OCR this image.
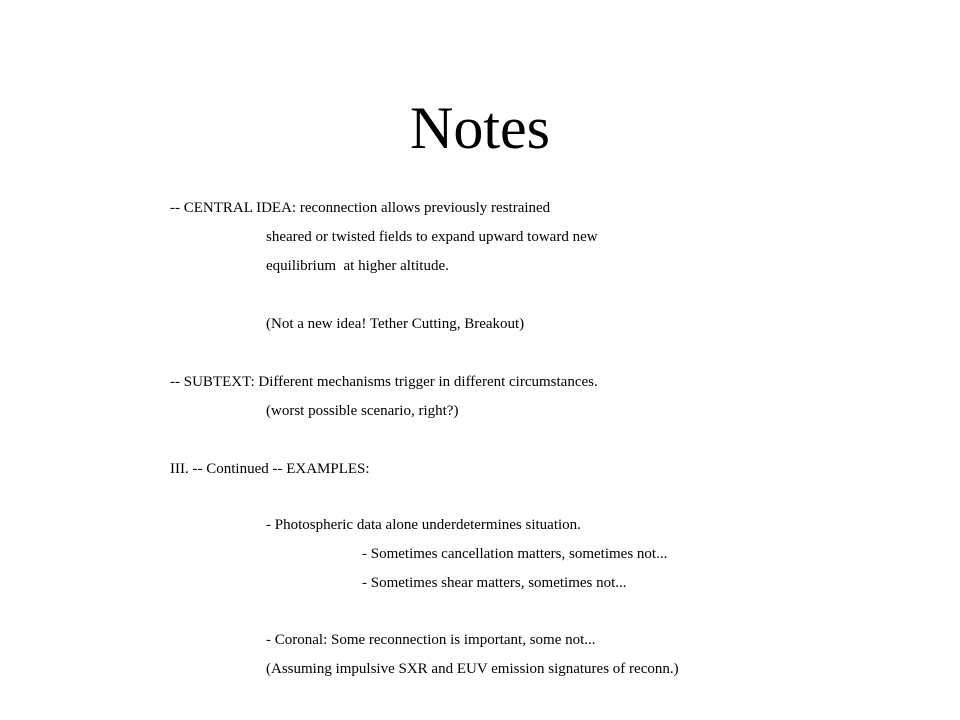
Notes
-- CENTRAL IDEA: reconnection allows previously restrained
sheared or twisted fields to expand upward toward new
equilibrium  at higher altitude.
(Not a new idea! Tether Cutting, Breakout)
-- SUBTEXT: Different mechanisms trigger in different circumstances.
(worst possible scenario, right?)
III. -- Continued -- EXAMPLES:
- Photospheric data alone underdetermines situation.
- Sometimes cancellation matters, sometimes not...
- Sometimes shear matters, sometimes not...
- Coronal: Some reconnection is important, some not...
(Assuming impulsive SXR and EUV emission signatures of reconn.)
